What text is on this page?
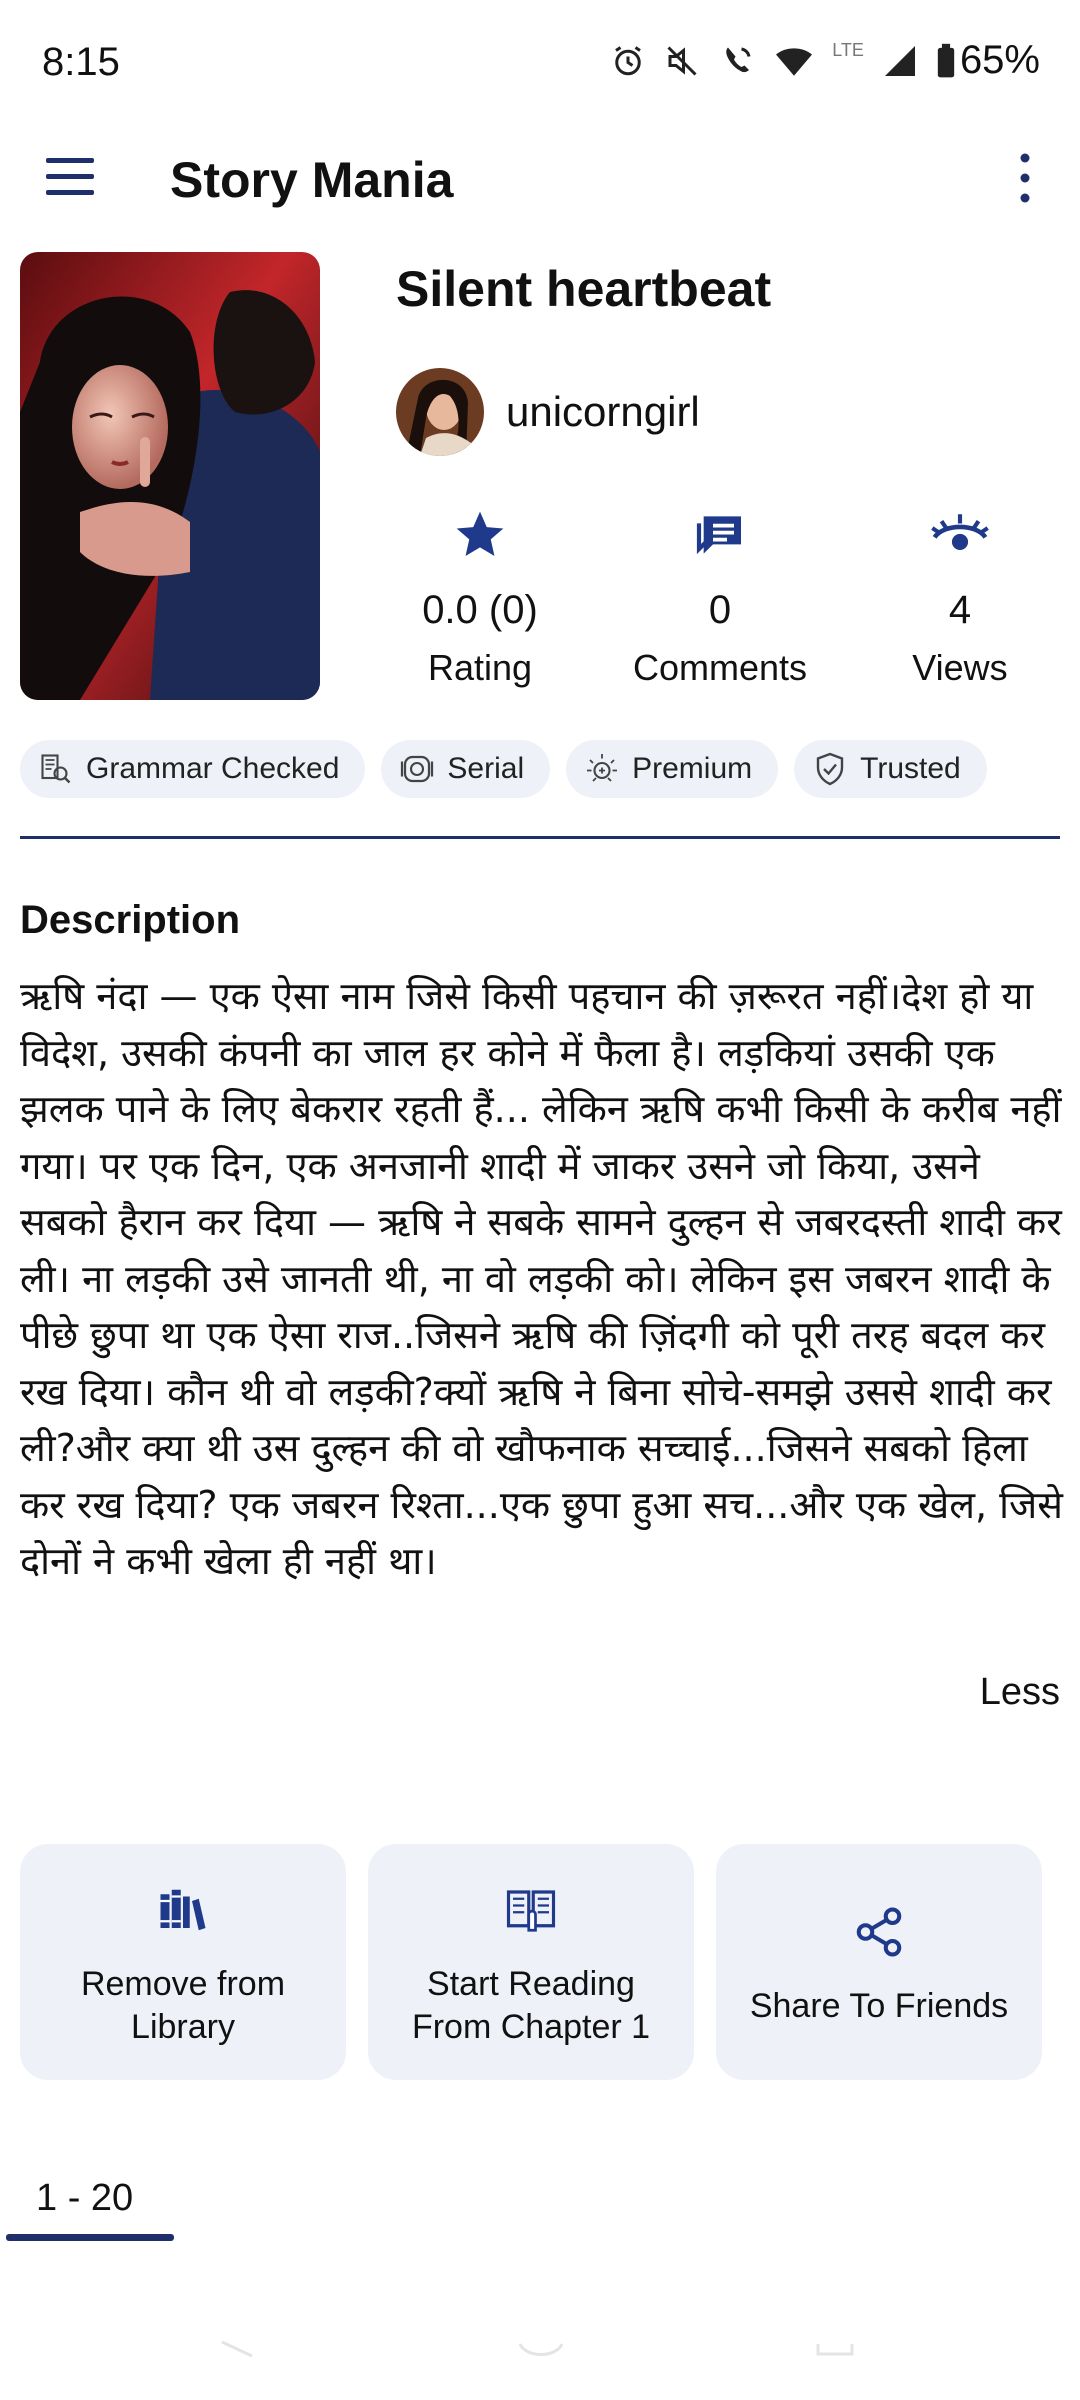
8:15	LTE 65%
Story Mania
Silent heartbeat
unicorngirl
0.0 (0)
Rating
0
Comments
4
Views
Grammar Checked	Serial	Premium	Trusted
Description
ऋषि नंदा — एक ऐसा नाम जिसे किसी पहचान की ज़रूरत नहीं।देश हो या विदेश, उसकी कंपनी का जाल हर कोने में फैला है। लड़कियां उसकी एक झलक पाने के लिए बेकरार रहती हैं... लेकिन ऋषि कभी किसी के करीब नहीं गया। पर एक दिन, एक अनजानी शादी में जाकर उसने जो किया, उसने सबको हैरान कर दिया — ऋषि ने सबके सामने दुल्हन से जबरदस्ती शादी कर ली। ना लड़की उसे जानती थी, ना वो लड़की को। लेकिन इस जबरन शादी के पीछे छुपा था एक ऐसा राज..जिसने ऋषि की ज़िंदगी को पूरी तरह बदल कर रख दिया। कौन थी वो लड़की?क्यों ऋषि ने बिना सोचे-समझे उससे शादी कर ली?और क्या थी उस दुल्हन की वो खौफनाक सच्चाई...जिसने सबको हिला कर रख दिया? एक जबरन रिश्ता...एक छुपा हुआ सच...और एक खेल, जिसे दोनों ने कभी खेला ही नहीं था।
Less
Remove from Library
Start Reading From Chapter 1
Share To Friends
1 - 20
